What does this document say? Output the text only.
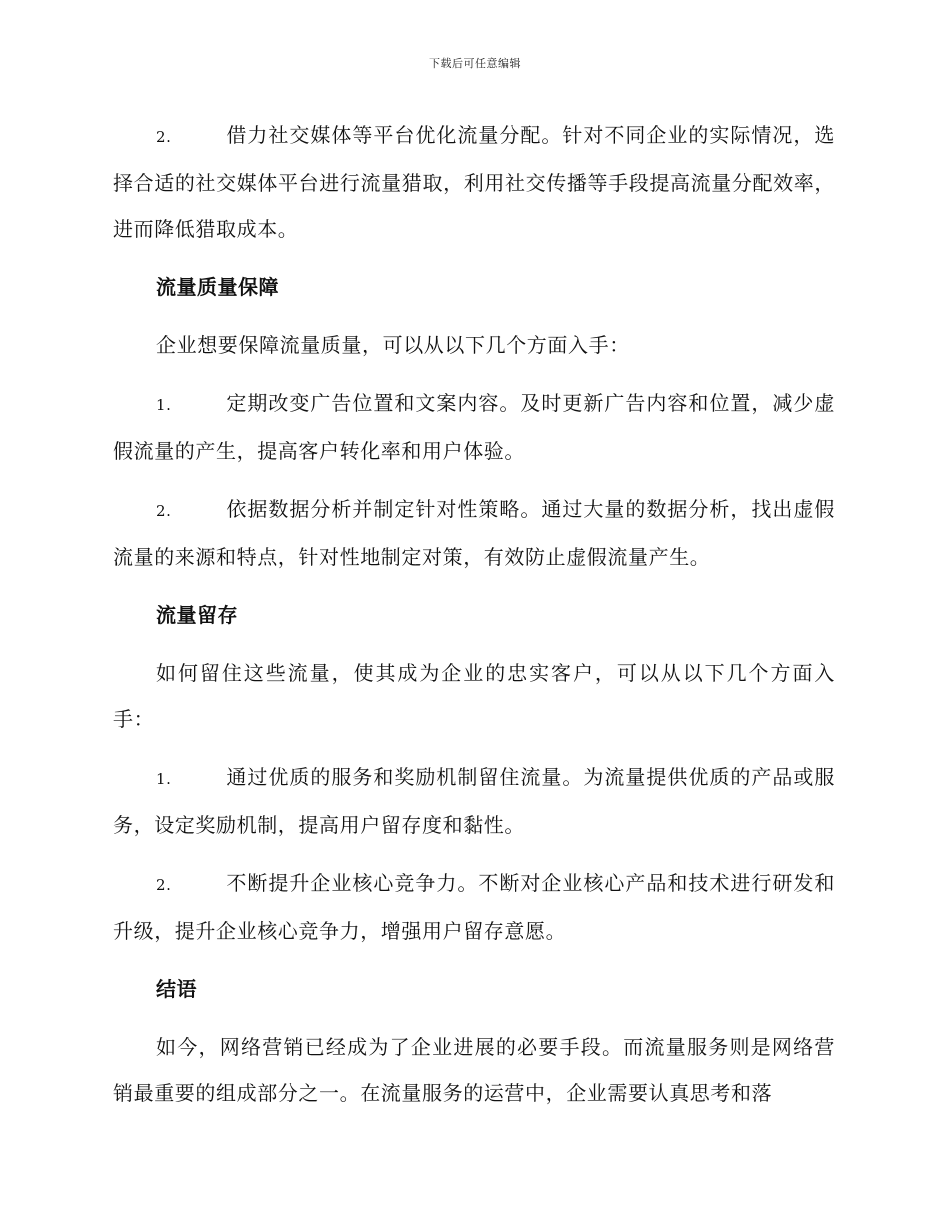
下载后可任意编辑

2.	借力社交媒体等平台优化流量分配。针对不同企业的实际情况，选择合适的社交媒体平台进行流量猎取，利用社交传播等手段提高流量分配效率，进而降低猎取成本。

流量质量保障

企业想要保障流量质量，可以从以下几个方面入手：

1.	定期改变广告位置和文案内容。及时更新广告内容和位置，减少虚假流量的产生，提高客户转化率和用户体验。

2.	依据数据分析并制定针对性策略。通过大量的数据分析，找出虚假流量的来源和特点，针对性地制定对策，有效防止虚假流量产生。

流量留存

如何留住这些流量，使其成为企业的忠实客户，可以从以下几个方面入手：

1.	通过优质的服务和奖励机制留住流量。为流量提供优质的产品或服务，设定奖励机制，提高用户留存度和黏性。

2.	不断提升企业核心竞争力。不断对企业核心产品和技术进行研发和升级，提升企业核心竞争力，增强用户留存意愿。

结语

如今，网络营销已经成为了企业进展的必要手段。而流量服务则是网络营销最重要的组成部分之一。在流量服务的运营中，企业需要认真思考和落
